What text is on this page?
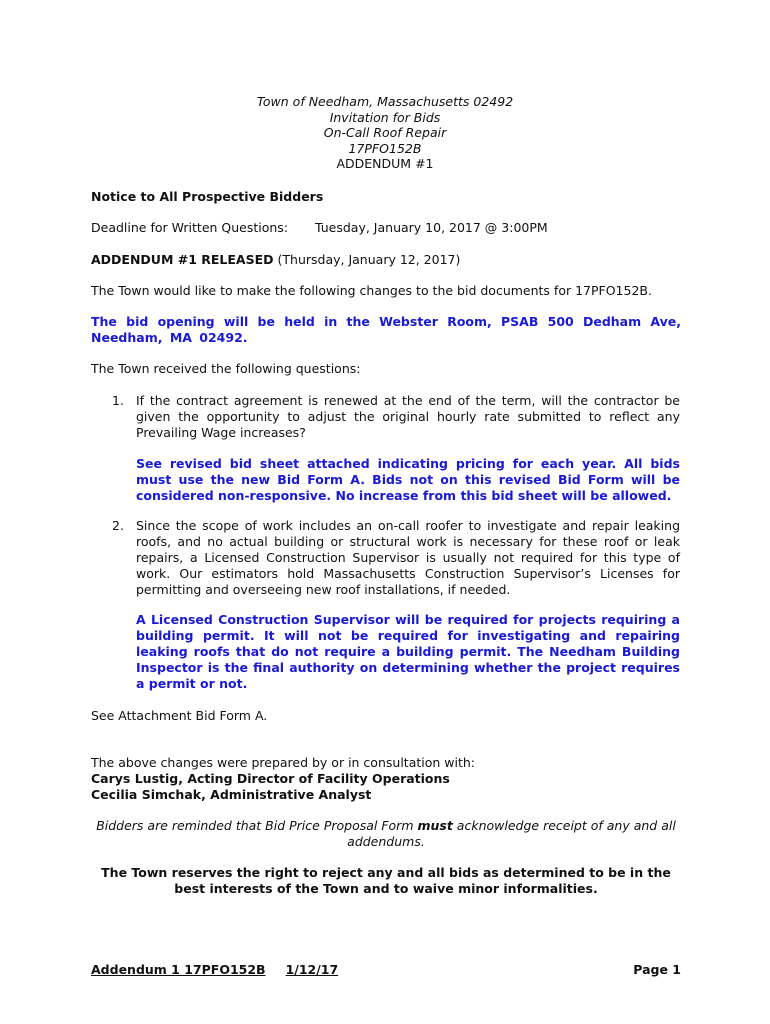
Town of Needham, Massachusetts 02492
Invitation for Bids
On-Call Roof Repair
17PFO152B
ADDENDUM #1
Notice to All Prospective Bidders
Deadline for Written Questions: Tuesday, January 10, 2017 @ 3:00PM
ADDENDUM #1 RELEASED (Thursday, January 12, 2017)
The Town would like to make the following changes to the bid documents for 17PFO152B.
The bid opening will be held in the Webster Room, PSAB 500 Dedham Ave, Needham, MA 02492.
The Town received the following questions:
1. If the contract agreement is renewed at the end of the term, will the contractor be given the opportunity to adjust the original hourly rate submitted to reflect any Prevailing Wage increases?
See revised bid sheet attached indicating pricing for each year. All bids must use the new Bid Form A. Bids not on this revised Bid Form will be considered non-responsive. No increase from this bid sheet will be allowed.
2. Since the scope of work includes an on-call roofer to investigate and repair leaking roofs, and no actual building or structural work is necessary for these roof or leak repairs, a Licensed Construction Supervisor is usually not required for this type of work. Our estimators hold Massachusetts Construction Supervisor’s Licenses for permitting and overseeing new roof installations, if needed.
A Licensed Construction Supervisor will be required for projects requiring a building permit. It will not be required for investigating and repairing leaking roofs that do not require a building permit. The Needham Building Inspector is the final authority on determining whether the project requires a permit or not.
See Attachment Bid Form A.
The above changes were prepared by or in consultation with:
Carys Lustig, Acting Director of Facility Operations
Cecilia Simchak, Administrative Analyst
Bidders are reminded that Bid Price Proposal Form must acknowledge receipt of any and all addendums.
The Town reserves the right to reject any and all bids as determined to be in the best interests of the Town and to waive minor informalities.
Addendum 1 17PFO152B 1/12/17	Page 1
